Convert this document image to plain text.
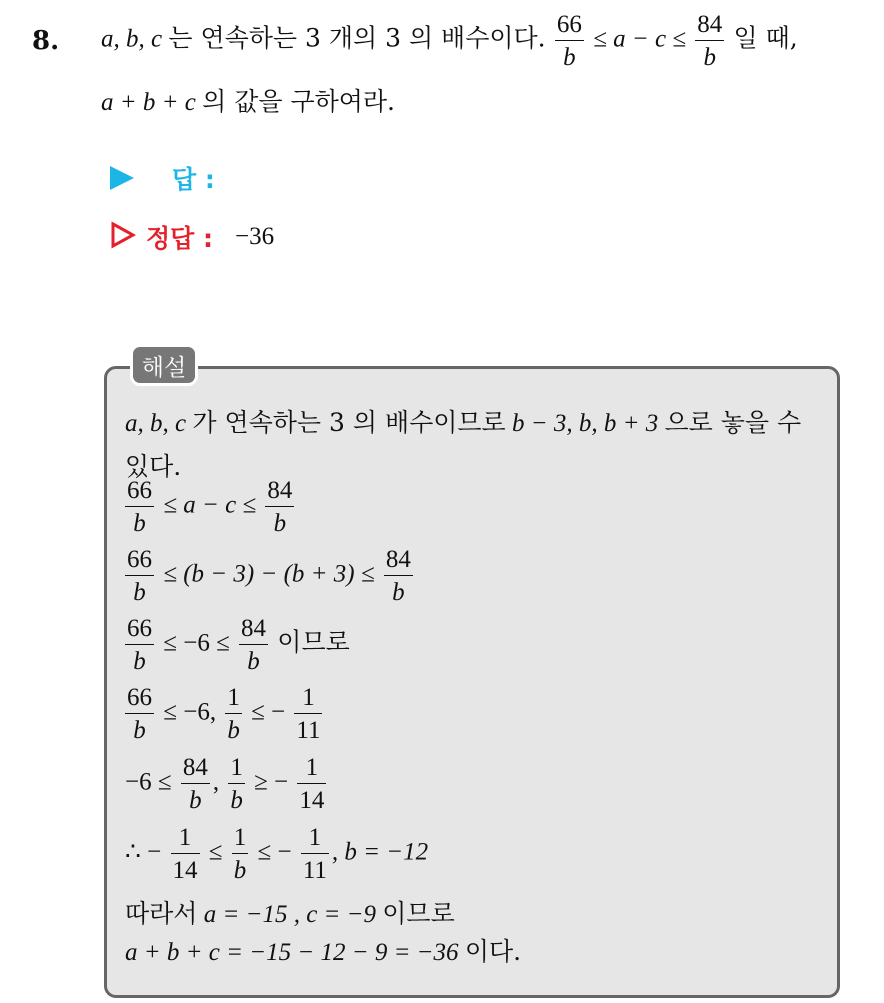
8. a, b, c 는 연속하는 3 개의 3 의 배수이다. $\frac{66}{b} \le a - c \le \frac{84}{b}$ 일 때,
a + b + c 의 값을 구하여라.
답 :
정답 : −36
해설
a, b, c 가 연속하는 3 의 배수이므로 b − 3, b, b + 3 으로 놓을 수
있다.
$\frac{66}{b} \le a - c \le \frac{84}{b}$
$\frac{66}{b} \le (b - 3) - (b + 3) \le \frac{84}{b}$
$\frac{66}{b} \le -6 \le \frac{84}{b}$ 이므로
$\frac{66}{b} \le -6$, $\frac{1}{b}$ ≤ − $\frac{1}{11}$
$-6 \le \frac{84}{b}$ , $\frac{1}{b}$ ≥ − $\frac{1}{14}$
∴ − $\frac{1}{14} \le \frac{1}{b}$ ≤ − $\frac{1}{11}$ , b = −12
따라서 a = −15 , c = −9 이므로
a + b + c = −15 − 12 − 9 = −36 이다.
